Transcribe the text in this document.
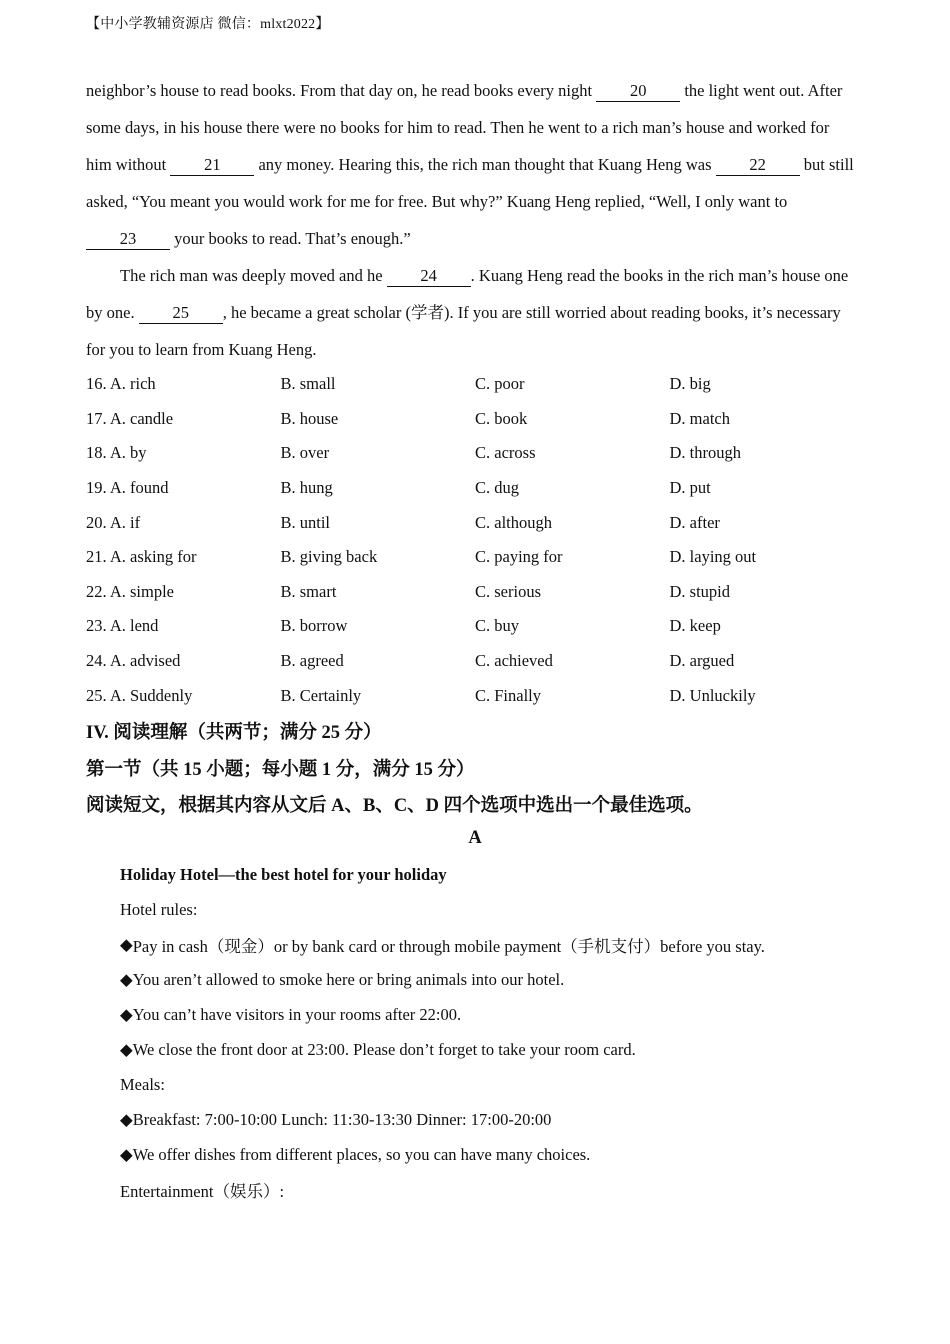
【中小学教辅资源店 微信：mlxt2022】
neighbor’s house to read books. From that day on, he read books every night 20 the light went out. After
some days, in his house there were no books for him to read. Then he went to a rich man’s house and worked for
him without 21 any money. Hearing this, the rich man thought that Kuang Heng was 22 but still
asked, “You meant you would work for me for free. But why?” Kuang Heng replied, “Well, I only want to
23 your books to read. That’s enough.”
The rich man was deeply moved and he 24 . Kuang Heng read the books in the rich man’s house one
by one. 25 , he became a great scholar (学者). If you are still worried about reading books, it’s necessary
for you to learn from Kuang Heng.
16. A. rich	B. small	C. poor	D. big
17. A. candle	B. house	C. book	D. match
18. A. by	B. over	C. across	D. through
19. A. found	B. hung	C. dug	D. put
20. A. if	B. until	C. although	D. after
21. A. asking for	B. giving back	C. paying for	D. laying out
22. A. simple	B. smart	C. serious	D. stupid
23. A. lend	B. borrow	C. buy	D. keep
24. A. advised	B. agreed	C. achieved	D. argued
25. A. Suddenly	B. Certainly	C. Finally	D. Unluckily
IV. 阅读理解（共两节；满分 25 分）
第一节（共 15 小题；每小题 1 分，满分 15 分）
阅读短文，根据其内容从文后 A、B、C、D 四个选项中选出一个最佳选项。
A
Holiday Hotel—the best hotel for your holiday
Hotel rules:
◆ Pay in cash（现金）or by bank card or through mobile payment（手机支付）before you stay.
◆ You aren’t allowed to smoke here or bring animals into our hotel.
◆ You can’t have visitors in your rooms after 22:00.
◆ We close the front door at 23:00. Please don’t forget to take your room card.
Meals:
◆ Breakfast: 7:00-10:00 Lunch: 11:30-13:30 Dinner: 17:00-20:00
◆ We offer dishes from different places, so you can have many choices.
Entertainment（娱乐）:
